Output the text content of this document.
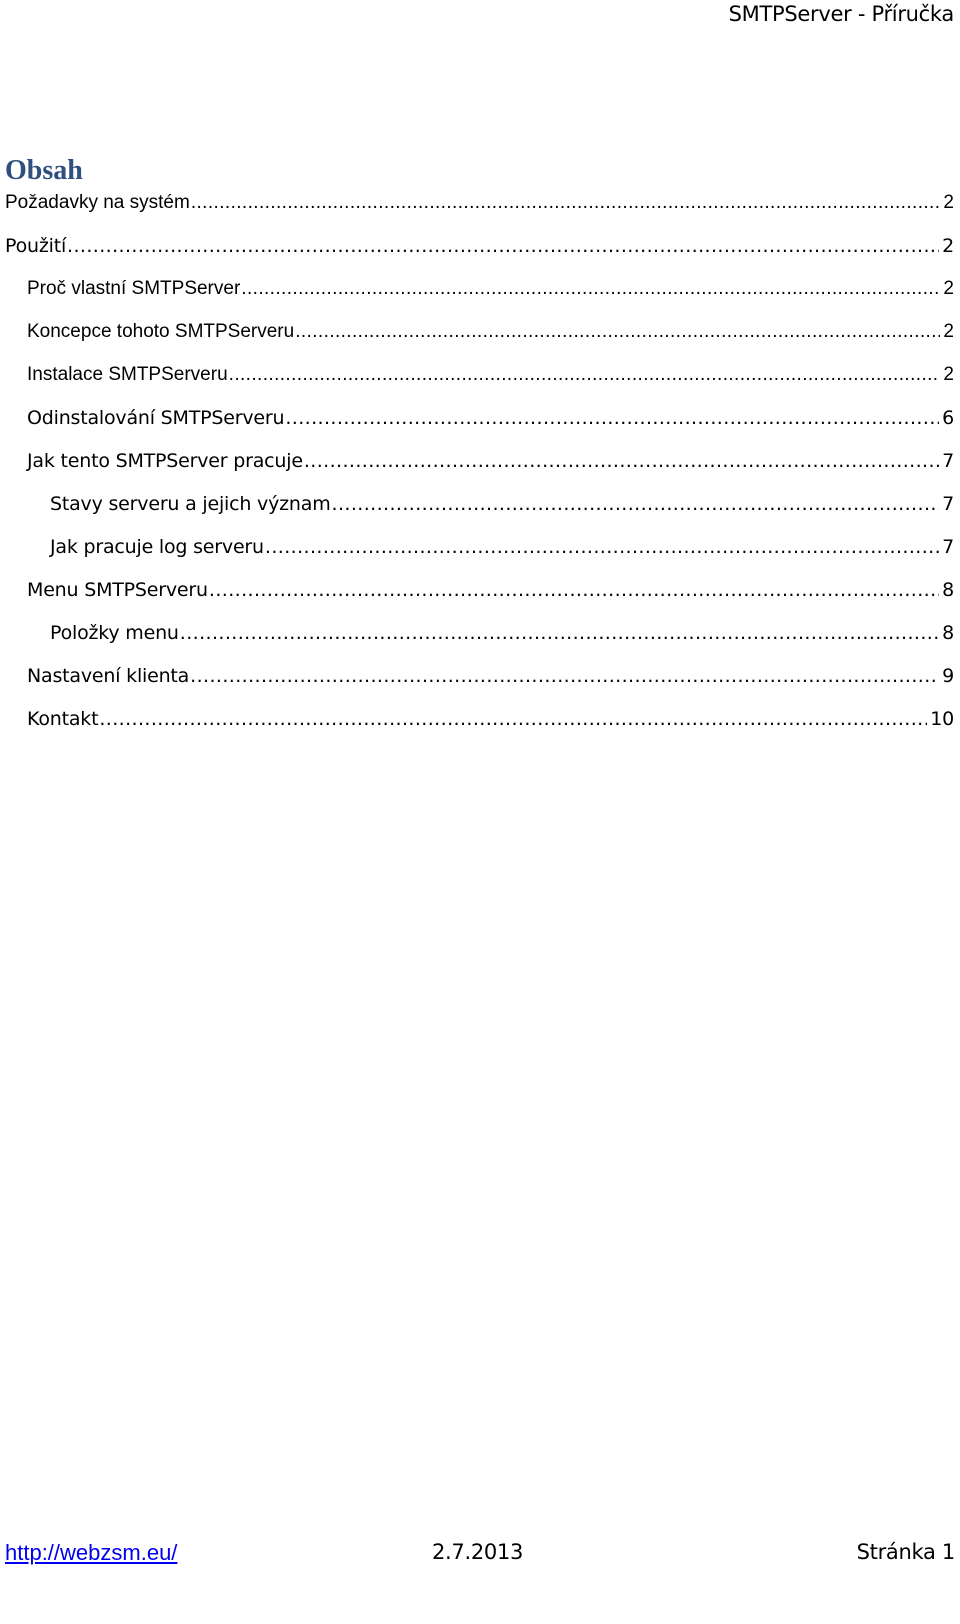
SMTPServer - Příručka
Obsah
Požadavky na systém .....	2
Použití .....	2
Proč vlastní SMTPServer .....	2
Koncepce tohoto SMTPServeru .....	2
Instalace SMTPServeru .....	2
Odinstalování SMTPServeru .....	6
Jak tento SMTPServer pracuje .....	7
Stavy serveru a jejich význam .....	7
Jak pracuje log serveru .....	7
Menu SMTPServeru .....	8
Položky menu .....	8
Nastavení klienta .....	9
Kontakt .....	10
http://webzsm.eu/	2.7.2013	Stránka 1
